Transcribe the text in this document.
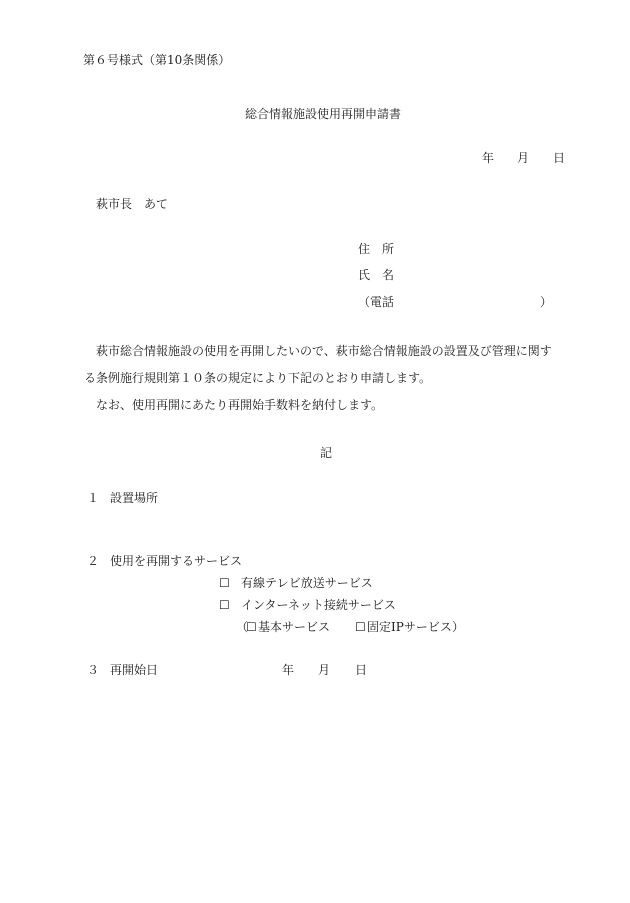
第６号様式（第10条関係）
総合情報施設使用再開申請書
年 月 日
萩市長　あて
住　所
氏　名
（電話	）
萩市総合情報施設の使用を再開したいので、萩市総合情報施設の設置及び管理に関す
る条例施行規則第１０条の規定により下記のとおり申請します。
なお、使用再開にあたり再開始手数料を納付します。
記
１ 設置場所
２ 使用を再開するサービス
☐ 有線テレビ放送サービス
☐ インターネット接続サービス
（
☐ 基本サービス ☐ 固定IPサービス ）
３ 再開始日	年 月 日
